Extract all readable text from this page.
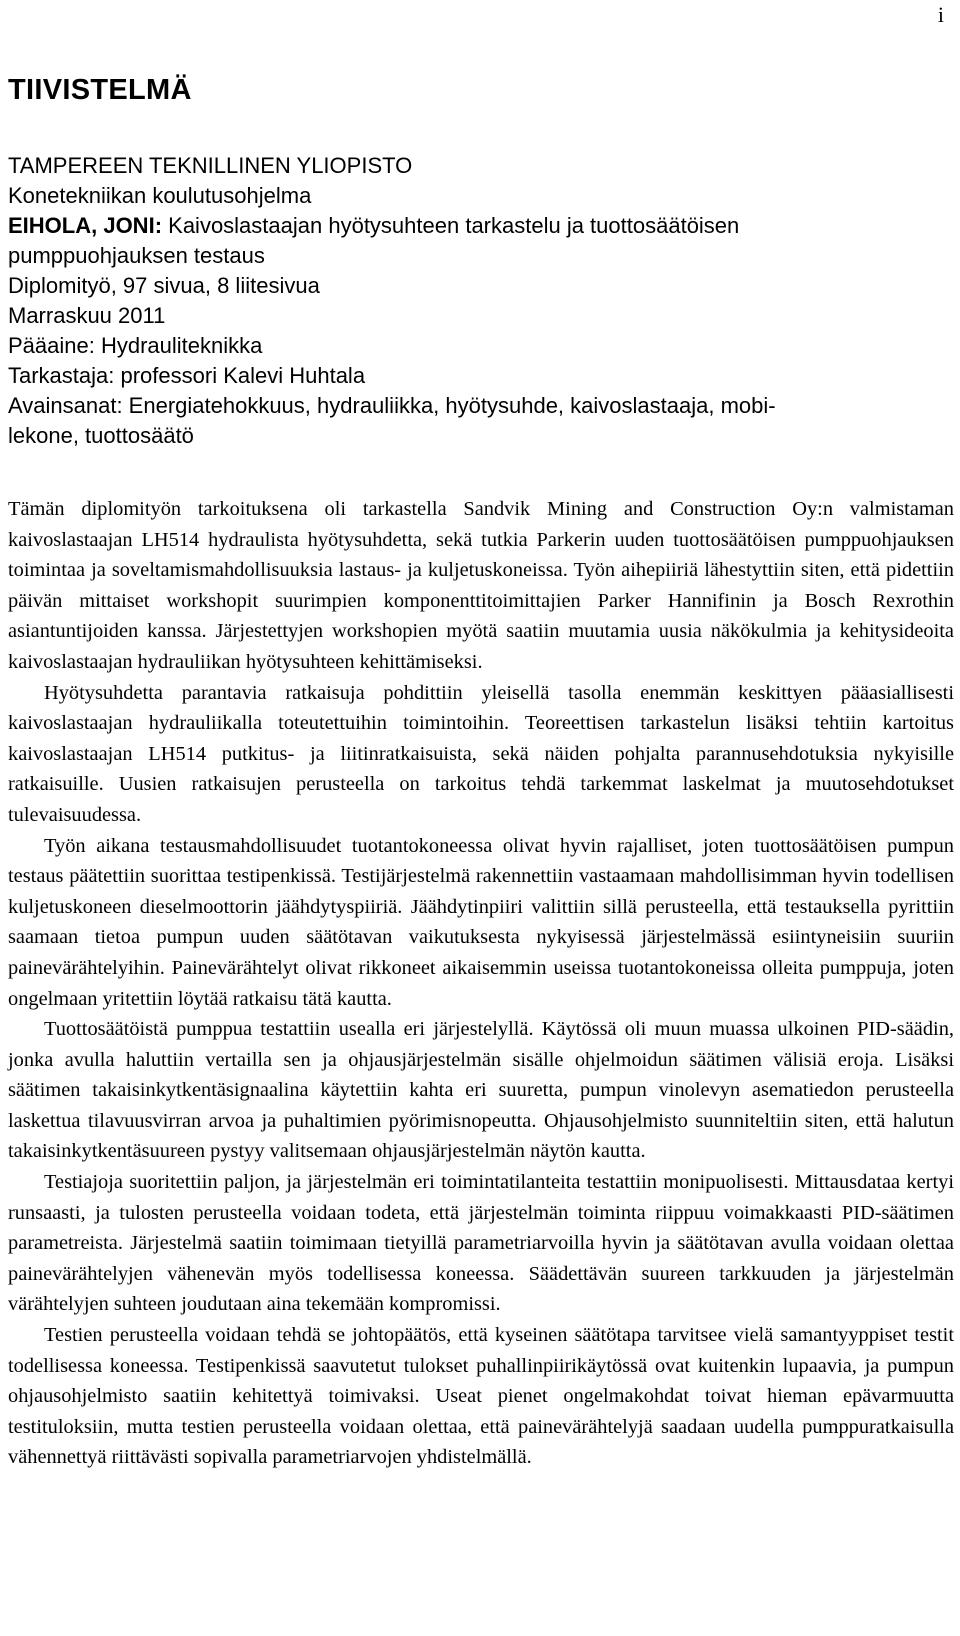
i
TIIVISTELMÄ
TAMPEREEN TEKNILLINEN YLIOPISTO
Konetekniikan koulutusohjelma
EIHOLA, JONI: Kaivoslastaajan hyötysuhteen tarkastelu ja tuottosäätöisen
pumppuohjauksen testaus
Diplomityö, 97 sivua, 8 liitesivua
Marraskuu 2011
Pääaine: Hydrauliteknikka
Tarkastaja: professori Kalevi Huhtala
Avainsanat: Energiatehokkuus, hydrauliikka, hyötysuhde, kaivoslastaaja, mobi-
lekone, tuottosäätö

Tämän diplomityön tarkoituksena oli tarkastella Sandvik Mining and Construction Oy:n valmistaman kaivoslastaajan LH514 hydraulista hyötysuhdetta, sekä tutkia Parkerin uuden tuottosäätöisen pumppuohjauksen toimintaa ja soveltamismahdollisuuksia lastaus- ja kuljetuskoneissa. Työn aihepiiriä lähestyttiin siten, että pidettiin päivän mittaiset workshopit suurimpien komponenttitoimittajien Parker Hannifinin ja Bosch Rexrothin asiantuntijoiden kanssa. Järjestettyjen workshopien myötä saatiin muutamia uusia näkökulmia ja kehitysideoita kaivoslastaajan hydrauliikan hyötysuhteen kehittämiseksi.

Hyötysuhdetta parantavia ratkaisuja pohdittiin yleisellä tasolla enemmän keskittyen pääasiallisesti kaivoslastaajan hydrauliikalla toteutettuihin toimintoihin. Teoreettisen tarkastelun lisäksi tehtiin kartoitus kaivoslastaajan LH514 putkitus- ja liitinratkaisuista, sekä näiden pohjalta parannusehdotuksia nykyisille ratkaisuille. Uusien ratkaisujen perusteella on tarkoitus tehdä tarkemmat laskelmat ja muutosehdotukset tulevaisuudessa.

Työn aikana testausmahdollisuudet tuotantokoneessa olivat hyvin rajalliset, joten tuottosäätöisen pumpun testaus päätettiin suorittaa testipenkissä. Testijärjestelmä rakennettiin vastaamaan mahdollisimman hyvin todellisen kuljetuskoneen dieselmoottorin jäähdytyspiiriä. Jäähdytinpiiri valittiin sillä perusteella, että testauksella pyrittiin saamaan tietoa pumpun uuden säätötavan vaikutuksesta nykyisessä järjestelmässä esiintyneisiin suuriin painevärähtelyihin. Painevärähtelyt olivat rikkoneet aikaisemmin useissa tuotantokoneissa olleita pumppuja, joten ongelmaan yritettiin löytää ratkaisu tätä kautta.

Tuottosäätöistä pumppua testattiin usealla eri järjestelyllä. Käytössä oli muun muassa ulkoinen PID-säädin, jonka avulla haluttiin vertailla sen ja ohjausjärjestelmän sisälle ohjelmoidun säätimen välisiä eroja. Lisäksi säätimen takaisinkytkentäsignaalina käytettiin kahta eri suuretta, pumpun vinolevyn asematiedon perusteella laskettua tilavuusvirran arvoa ja puhaltimien pyörimisnopeutta. Ohjausohjelmisto suunniteltiin siten, että halutun takaisinkytkentäsuureen pystyy valitsemaan ohjausjärjestelmän näytön kautta.

Testiajoja suoritettiin paljon, ja järjestelmän eri toimintatilanteita testattiin monipuolisesti. Mittausdataa kertyi runsaasti, ja tulosten perusteella voidaan todeta, että järjestelmän toiminta riippuu voimakkaasti PID-säätimen parametreista. Järjestelmä saatiin toimimaan tietyillä parametriarvoilla hyvin ja säätötavan avulla voidaan olettaa painevärähtelyjen vähenevän myös todellisessa koneessa. Säädettävän suureen tarkkuuden ja järjestelmän värähtelyjen suhteen joudutaan aina tekemään kompromissi.

Testien perusteella voidaan tehdä se johtopäätös, että kyseinen säätötapa tarvitsee vielä samantyyppiset testit todellisessa koneessa. Testipenkissä saavutetut tulokset puhallinpiirikäytössä ovat kuitenkin lupaavia, ja pumpun ohjausohjelmisto saatiin kehitettyä toimivaksi. Useat pienet ongelmakohdat toivat hieman epävarmuutta testituloksiin, mutta testien perusteella voidaan olettaa, että painevärähtelyjä saadaan uudella pumppuratkaisulla vähennettyä riittävästi sopivalla parametriarvojen yhdistelmällä.
